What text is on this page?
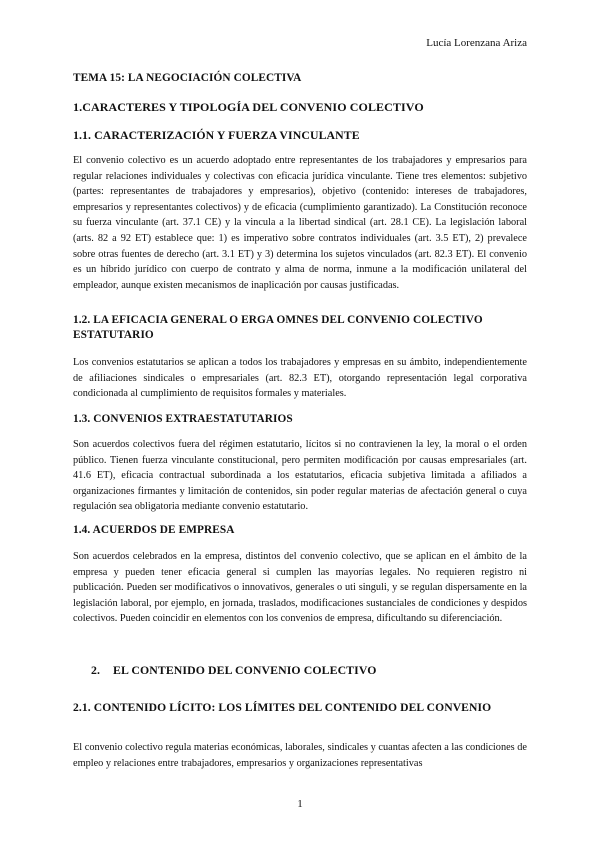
Lucía Lorenzana Ariza
TEMA 15: LA NEGOCIACIÓN COLECTIVA
1.CARACTERES Y TIPOLOGÍA DEL CONVENIO COLECTIVO
1.1. CARACTERIZACIÓN Y FUERZA VINCULANTE

El convenio colectivo es un acuerdo adoptado entre representantes de los trabajadores y empresarios para regular relaciones individuales y colectivas con eficacia jurídica vinculante. Tiene tres elementos: subjetivo (partes: representantes de trabajadores y empresarios), objetivo (contenido: intereses de trabajadores, empresarios y representantes colectivos) y de eficacia (cumplimiento garantizado). La Constitución reconoce su fuerza vinculante (art. 37.1 CE) y la vincula a la libertad sindical (art. 28.1 CE). La legislación laboral (arts. 82 a 92 ET) establece que: 1) es imperativo sobre contratos individuales (art. 3.5 ET), 2) prevalece sobre otras fuentes de derecho (art. 3.1 ET) y 3) determina los sujetos vinculados (art. 82.3 ET). El convenio es un híbrido jurídico con cuerpo de contrato y alma de norma, inmune a la modificación unilateral del empleador, aunque existen mecanismos de inaplicación por causas justificadas.

1.2. LA EFICACIA GENERAL O ERGA OMNES DEL CONVENIO COLECTIVO
ESTATUTARIO

Los convenios estatutarios se aplican a todos los trabajadores y empresas en su ámbito, independientemente de afiliaciones sindicales o empresariales (art. 82.3 ET), otorgando representación legal corporativa condicionada al cumplimiento de requisitos formales y materiales.

1.3. CONVENIOS EXTRAESTATUTARIOS

Son acuerdos colectivos fuera del régimen estatutario, lícitos si no contravienen la ley, la moral o el orden público. Tienen fuerza vinculante constitucional, pero permiten modificación por causas empresariales (art. 41.6 ET), eficacia contractual subordinada a los estatutarios, eficacia subjetiva limitada a afiliados a organizaciones firmantes y limitación de contenidos, sin poder regular materias de afectación general o cuya regulación sea obligatoria mediante convenio estatutario.

1.4. ACUERDOS DE EMPRESA

Son acuerdos celebrados en la empresa, distintos del convenio colectivo, que se aplican en el ámbito de la empresa y pueden tener eficacia general si cumplen las mayorías legales. No requieren registro ni publicación. Pueden ser modificativos o innovativos, generales o uti singuli, y se regulan dispersamente en la legislación laboral, por ejemplo, en jornada, traslados, modificaciones sustanciales de condiciones y despidos colectivos. Pueden coincidir en elementos con los convenios de empresa, dificultando su diferenciación.

2. EL CONTENIDO DEL CONVENIO COLECTIVO
2.1. CONTENIDO LÍCITO: LOS LÍMITES DEL CONTENIDO DEL CONVENIO

El convenio colectivo regula materias económicas, laborales, sindicales y cuantas afecten a las condiciones de empleo y relaciones entre trabajadores, empresarios y organizaciones representativas

1
